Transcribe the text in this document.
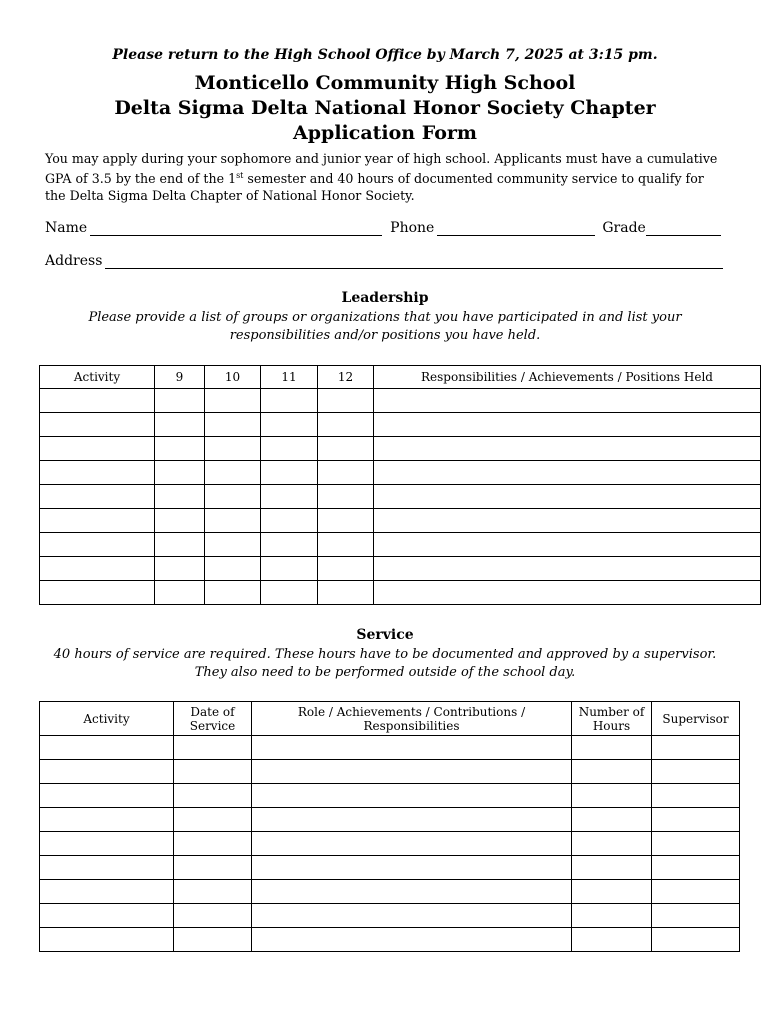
Please return to the High School Office by March 7, 2025 at 3:15 pm.
Monticello Community High School
Delta Sigma Delta National Honor Society Chapter
Application Form
You may apply during your sophomore and junior year of high school. Applicants must have a cumulative GPA of 3.5 by the end of the 1st semester and 40 hours of documented community service to qualify for the Delta Sigma Delta Chapter of National Honor Society.
Name	Phone	Grade
Address
Leadership
Please provide a list of groups or organizations that you have participated in and list your responsibilities and/or positions you have held.
Activity	9	10	11	12	Responsibilities / Achievements / Positions Held

Service
40 hours of service are required. These hours have to be documented and approved by a supervisor. They also need to be performed outside of the school day.
Activity	Date of Service	Role / Achievements / Contributions / Responsibilities	Number of Hours	Supervisor
